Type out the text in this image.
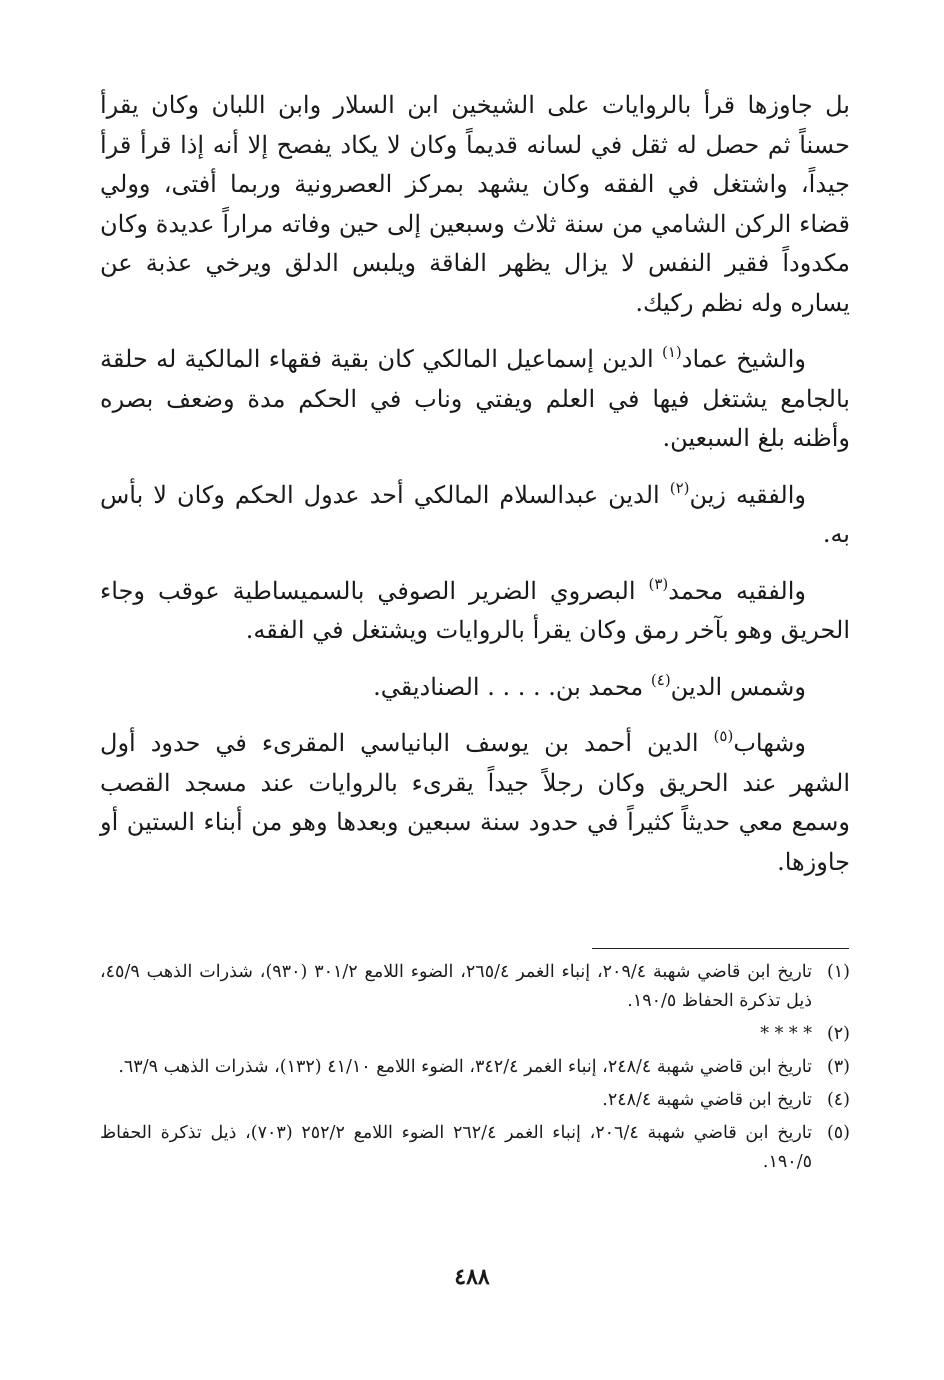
بل جاوزها قرأ بالروايات على الشيخين ابن السلار وابن اللبان وكان يقرأ حسناً ثم حصل له ثقل في لسانه قديماً وكان لا يكاد يفصح إلا أنه إذا قرأ قرأ جيداً، واشتغل في الفقه وكان يشهد بمركز العصرونية وربما أفتى، وولي قضاء الركن الشامي من سنة ثلاث وسبعين إلى حين وفاته مراراً عديدة وكان مكدوداً فقير النفس لا يزال يظهر الفاقة ويلبس الدلق ويرخي عذبة عن يساره وله نظم ركيك.

والشيخ عماد$^{(١)}$ الدين إسماعيل المالكي كان بقية فقهاء المالكية له حلقة بالجامع يشتغل فيها في العلم ويفتي وناب في الحكم مدة وضعف بصره وأظنه بلغ السبعين.

والفقيه زين$^{(٢)}$ الدين عبدالسلام المالكي أحد عدول الحكم وكان لا بأس به.

والفقيه محمد$^{(٣)}$ البصروي الضرير الصوفي بالسميساطية عوقب وجاء الحريق وهو بآخر رمق وكان يقرأ بالروايات ويشتغل في الفقه.

وشمس الدين$^{(٤)}$ محمد بن. . . . . الصناديقي.

وشهاب$^{(٥)}$ الدين أحمد بن يوسف البانياسي المقرىء في حدود أول الشهر عند الحريق وكان رجلاً جيداً يقرىء بالروايات عند مسجد القصب وسمع معي حديثاً كثيراً في حدود سنة سبعين وبعدها وهو من أبناء الستين أو جاوزها.

(١)
تاريخ ابن قاضي شهبة ٢٠٩/٤، إنباء الغمر ٢٦٥/٤، الضوء اللامع ٣٠١/٢ (٩٣٠)، شذرات الذهب ٤٥/٩، ذيل تذكرة الحفاظ ١٩٠/٥.
(٢)
* * * *
(٣)
تاريخ ابن قاضي شهبة ٢٤٨/٤، إنباء الغمر ٣٤٢/٤، الضوء اللامع ٤١/١٠ (١٣٢)، شذرات الذهب ٦٣/٩.
(٤)
تاريخ ابن قاضي شهبة ٢٤٨/٤.
(٥)
تاريخ ابن قاضي شهبة ٢٠٦/٤، إنباء الغمر ٢٦٢/٤ الضوء اللامع ٢٥٢/٢ (٧٠٣)، ذيل تذكرة الحفاظ ١٩٠/٥.
٤٨٨
